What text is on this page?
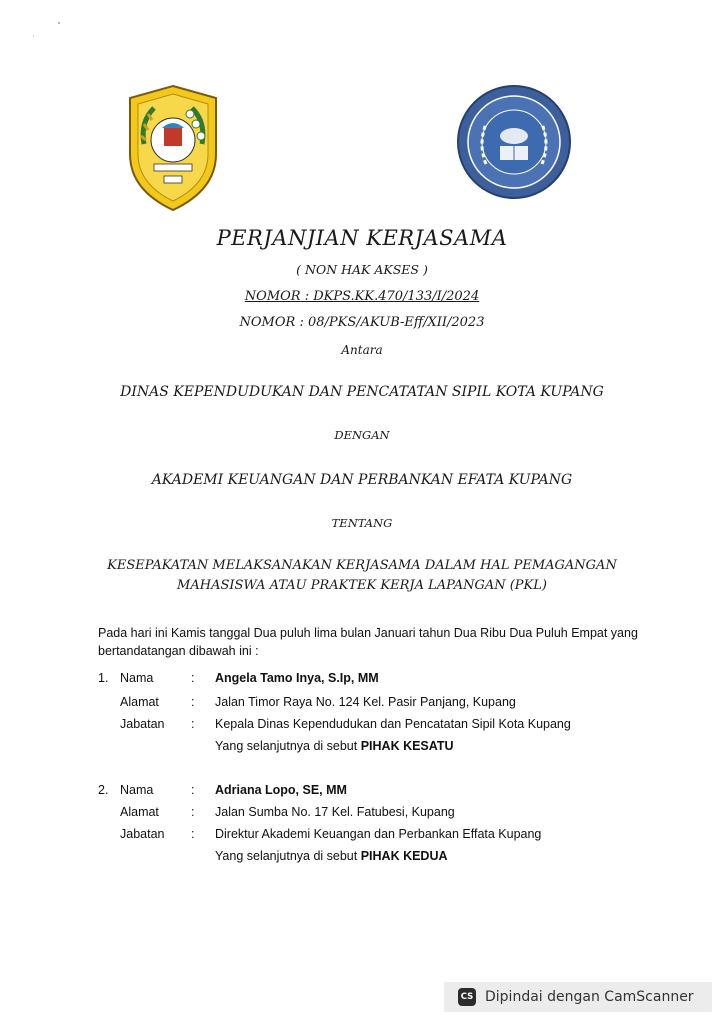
PERJANJIAN KERJASAMA
( NON HAK AKSES )
NOMOR : DKPS.KK.470/133/I/2024
NOMOR : 08/PKS/AKUB-Eff/XII/2023
Antara
DINAS KEPENDUDUKAN DAN PENCATATAN SIPIL KOTA KUPANG
DENGAN
AKADEMI KEUANGAN DAN PERBANKAN EFATA KUPANG
TENTANG
KESEPAKATAN MELAKSANAKAN KERJASAMA DALAM HAL PEMAGANGAN
MAHASISWA ATAU PRAKTEK KERJA LAPANGAN (PKL)
Pada hari ini Kamis tanggal Dua puluh lima bulan Januari tahun Dua Ribu Dua Puluh Empat yang bertandatangan dibawah ini :
1. Nama	: Angela Tamo Inya, S.Ip, MM
Alamat	: Jalan Timor Raya No. 124 Kel. Pasir Panjang, Kupang
Jabatan : Kepala Dinas Kependudukan dan Pencatatan Sipil Kota Kupang
Yang selanjutnya di sebut PIHAK KESATU
2. Nama	: Adriana Lopo, SE, MM
Alamat	: Jalan Sumba No. 17 Kel. Fatubesi, Kupang
Jabatan : Direktur Akademi Keuangan dan Perbankan Effata Kupang
Yang selanjutnya di sebut PIHAK KEDUA
CS Dipindai dengan CamScanner
